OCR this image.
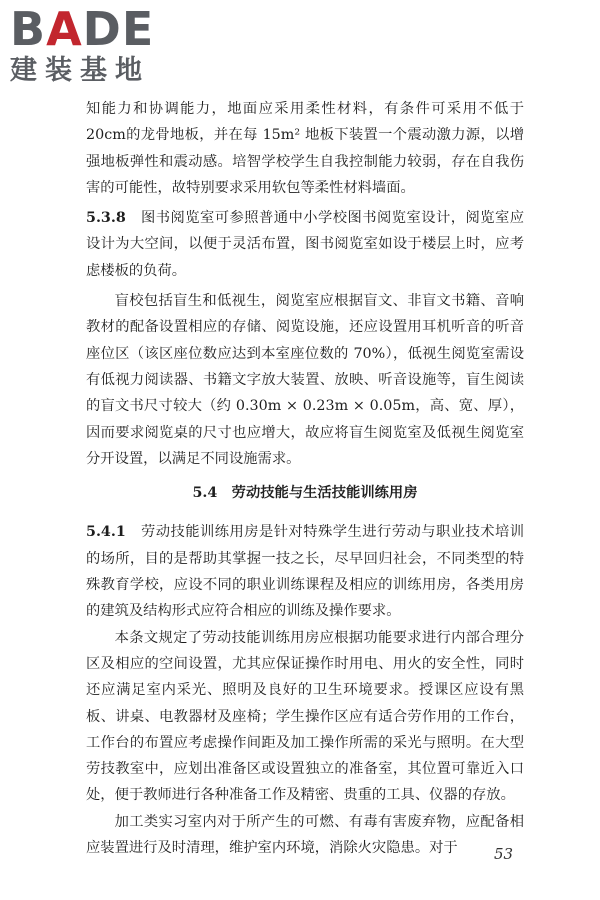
BADE
建装基地

知能力和协调能力，地面应采用柔性材料，有条件可采用不低于20cm的龙骨地板，并在每 15m² 地板下装置一个震动激力源，以增强地板弹性和震动感。培智学校学生自我控制能力较弱，存在自我伤害的可能性，故特别要求采用软包等柔性材料墙面。

5.3.8　 图书阅览室可参照普通中小学校图书阅览室设计，阅览室应设计为大空间，以便于灵活布置，图书阅览室如设于楼层上时，应考虑楼板的负荷。

盲校包括盲生和低视生，阅览室应根据盲文、非盲文书籍、音响教材的配备设置相应的存储、阅览设施，还应设置用耳机听音的听音座位区（该区座位数应达到本室座位数的 70%），低视生阅览室需设有低视力阅读器、书籍文字放大装置、放映、听音设施等，盲生阅读的盲文书尺寸较大（约 0.30m × 0.23m × 0.05m，高、宽、厚），因而要求阅览桌的尺寸也应增大，故应将盲生阅览室及低视生阅览室分开设置，以满足不同设施需求。

5.4　劳动技能与生活技能训练用房

5.4.1　 劳动技能训练用房是针对特殊学生进行劳动与职业技术培训的场所，目的是帮助其掌握一技之长，尽早回归社会，不同类型的特殊教育学校，应设不同的职业训练课程及相应的训练用房，各类用房的建筑及结构形式应符合相应的训练及操作要求。

本条文规定了劳动技能训练用房应根据功能要求进行内部合理分区及相应的空间设置，尤其应保证操作时用电、用火的安全性，同时还应满足室内采光、照明及良好的卫生环境要求。授课区应设有黑板、讲桌、电教器材及座椅；学生操作区应有适合劳作用的工作台，工作台的布置应考虑操作间距及加工操作所需的采光与照明。在大型劳技教室中，应划出准备区或设置独立的准备室，其位置可靠近入口处，便于教师进行各种准备工作及精密、贵重的工具、仪器的存放。

加工类实习室内对于所产生的可燃、有毒有害废弃物，应配备相应装置进行及时清理，维护室内环境，消除火灾隐患。对于	53
